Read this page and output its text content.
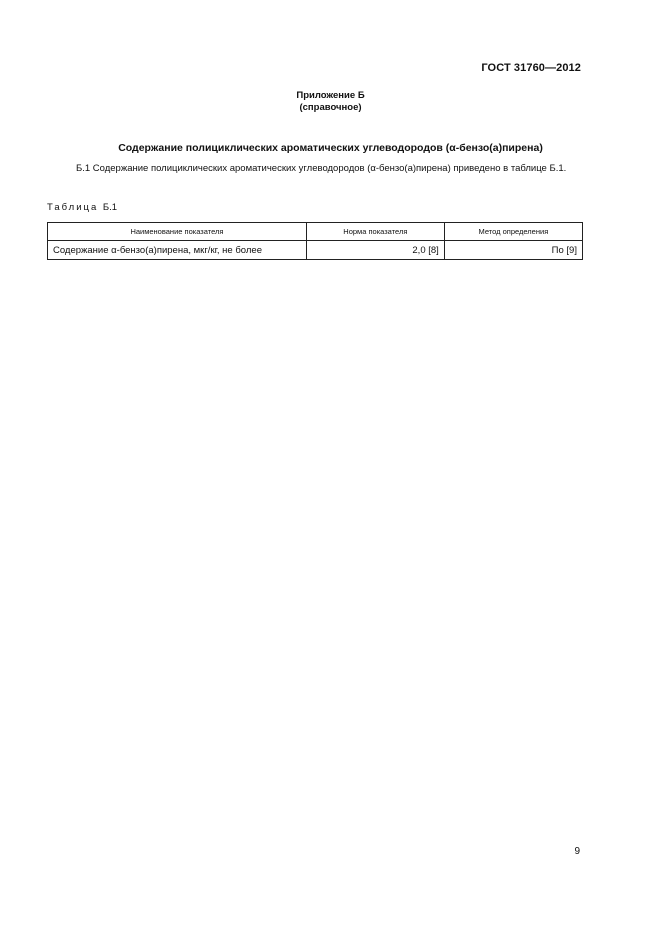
ГОСТ 31760—2012
Приложение Б
(справочное)
Содержание полициклических ароматических углеводородов (α-бензо(а)пирена)
Б.1 Содержание полициклических ароматических углеводородов (α-бензо(а)пирена) приведено в таблице Б.1.
Таблица Б.1
Наименование показателя	Норма показателя	Метод определения
Содержание α-бензо(а)пирена, мкг/кг, не более	2,0 [8]	По [9]
9
